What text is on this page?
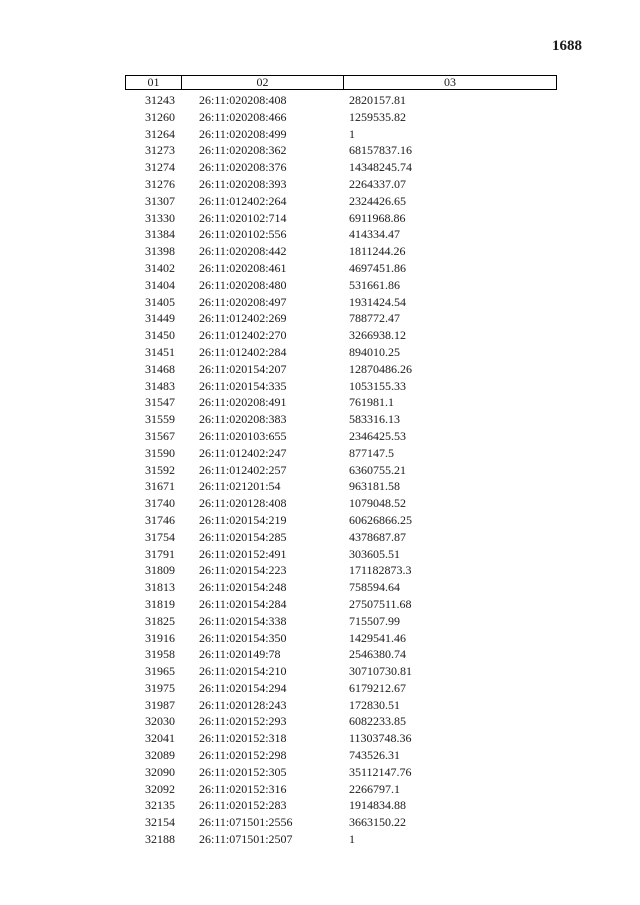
1688
01	02	03
31243	26:11:020208:408	2820157.81
31260	26:11:020208:466	1259535.82
31264	26:11:020208:499	1
31273	26:11:020208:362	68157837.16
31274	26:11:020208:376	14348245.74
31276	26:11:020208:393	2264337.07
31307	26:11:012402:264	2324426.65
31330	26:11:020102:714	6911968.86
31384	26:11:020102:556	414334.47
31398	26:11:020208:442	1811244.26
31402	26:11:020208:461	4697451.86
31404	26:11:020208:480	531661.86
31405	26:11:020208:497	1931424.54
31449	26:11:012402:269	788772.47
31450	26:11:012402:270	3266938.12
31451	26:11:012402:284	894010.25
31468	26:11:020154:207	12870486.26
31483	26:11:020154:335	1053155.33
31547	26:11:020208:491	761981.1
31559	26:11:020208:383	583316.13
31567	26:11:020103:655	2346425.53
31590	26:11:012402:247	877147.5
31592	26:11:012402:257	6360755.21
31671	26:11:021201:54	963181.58
31740	26:11:020128:408	1079048.52
31746	26:11:020154:219	60626866.25
31754	26:11:020154:285	4378687.87
31791	26:11:020152:491	303605.51
31809	26:11:020154:223	171182873.3
31813	26:11:020154:248	758594.64
31819	26:11:020154:284	27507511.68
31825	26:11:020154:338	715507.99
31916	26:11:020154:350	1429541.46
31958	26:11:020149:78	2546380.74
31965	26:11:020154:210	30710730.81
31975	26:11:020154:294	6179212.67
31987	26:11:020128:243	172830.51
32030	26:11:020152:293	6082233.85
32041	26:11:020152:318	11303748.36
32089	26:11:020152:298	743526.31
32090	26:11:020152:305	35112147.76
32092	26:11:020152:316	2266797.1
32135	26:11:020152:283	1914834.88
32154	26:11:071501:2556	3663150.22
32188	26:11:071501:2507	1
